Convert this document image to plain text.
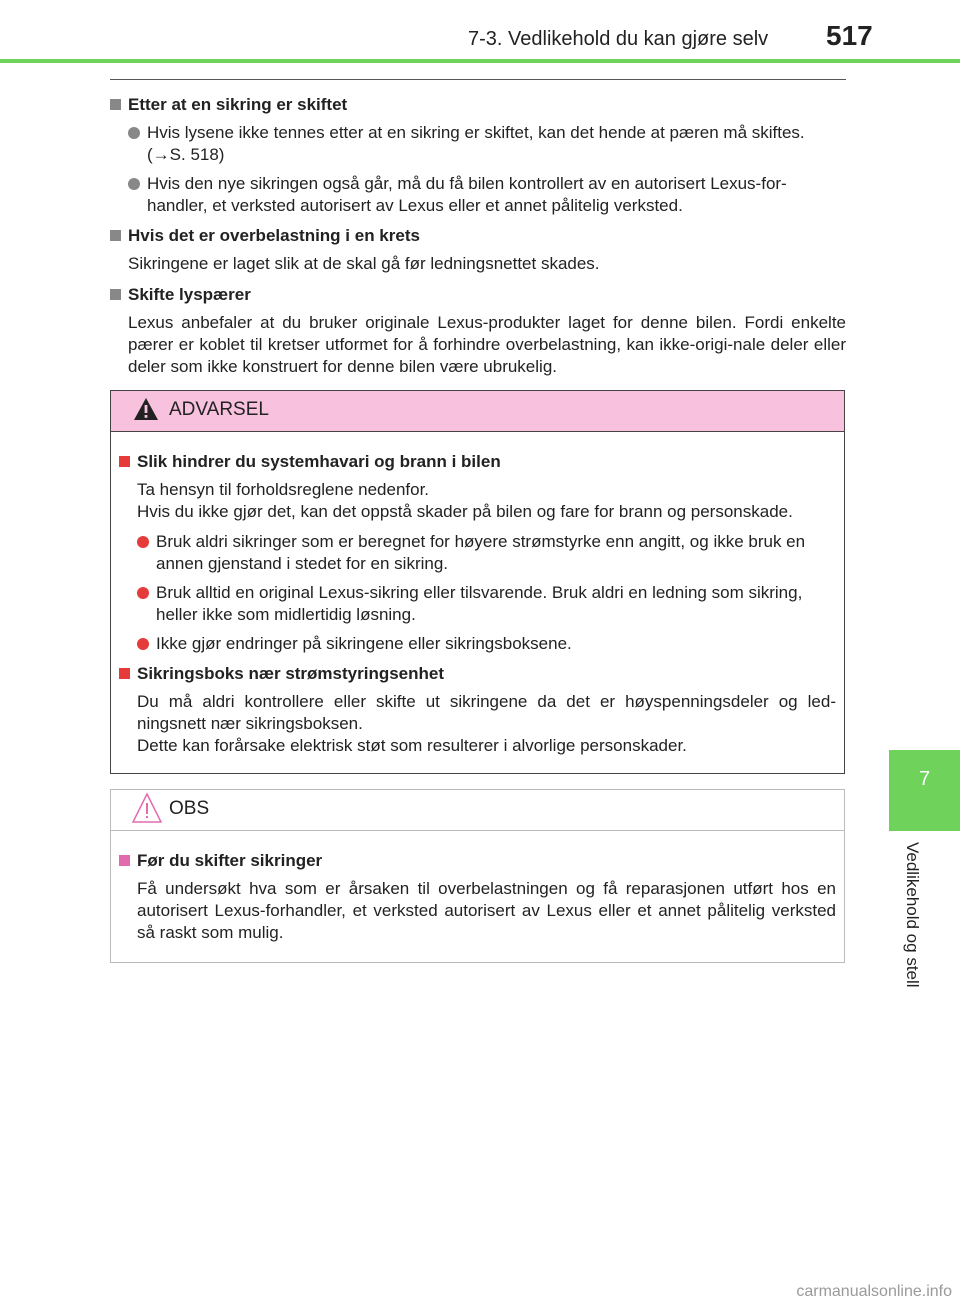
7-3. Vedlikehold du kan gjøre selv 517
7
Vedlikehold og stell
Etter at en sikring er skiftet
Hvis lysene ikke tennes etter at en sikring er skiftet, kan det hende at pæren må skiftes. (→S. 518)
Hvis den nye sikringen også går, må du få bilen kontrollert av en autorisert Lexus-for-handler, et verksted autorisert av Lexus eller et annet pålitelig verksted.
Hvis det er overbelastning i en krets
Sikringene er laget slik at de skal gå før ledningsnettet skades.
Skifte lyspærer
Lexus anbefaler at du bruker originale Lexus-produkter laget for denne bilen. Fordi enkelte pærer er koblet til kretser utformet for å forhindre overbelastning, kan ikke-origi-nale deler eller deler som ikke konstruert for denne bilen være ubrukelig.
ADVARSEL
Slik hindrer du systemhavari og brann i bilen
Ta hensyn til forholdsreglene nedenfor.
Hvis du ikke gjør det, kan det oppstå skader på bilen og fare for brann og personskade.
Bruk aldri sikringer som er beregnet for høyere strømstyrke enn angitt, og ikke bruk en annen gjenstand i stedet for en sikring.
Bruk alltid en original Lexus-sikring eller tilsvarende. Bruk aldri en ledning som sikring, heller ikke som midlertidig løsning.
Ikke gjør endringer på sikringene eller sikringsboksene.
Sikringsboks nær strømstyringsenhet
Du må aldri kontrollere eller skifte ut sikringene da det er høyspenningsdeler og led-ningsnett nær sikringsboksen.
Dette kan forårsake elektrisk støt som resulterer i alvorlige personskader.
OBS
Før du skifter sikringer
Få undersøkt hva som er årsaken til overbelastningen og få reparasjonen utført hos en autorisert Lexus-forhandler, et verksted autorisert av Lexus eller et annet pålitelig verksted så raskt som mulig.
carmanualsonline.info
